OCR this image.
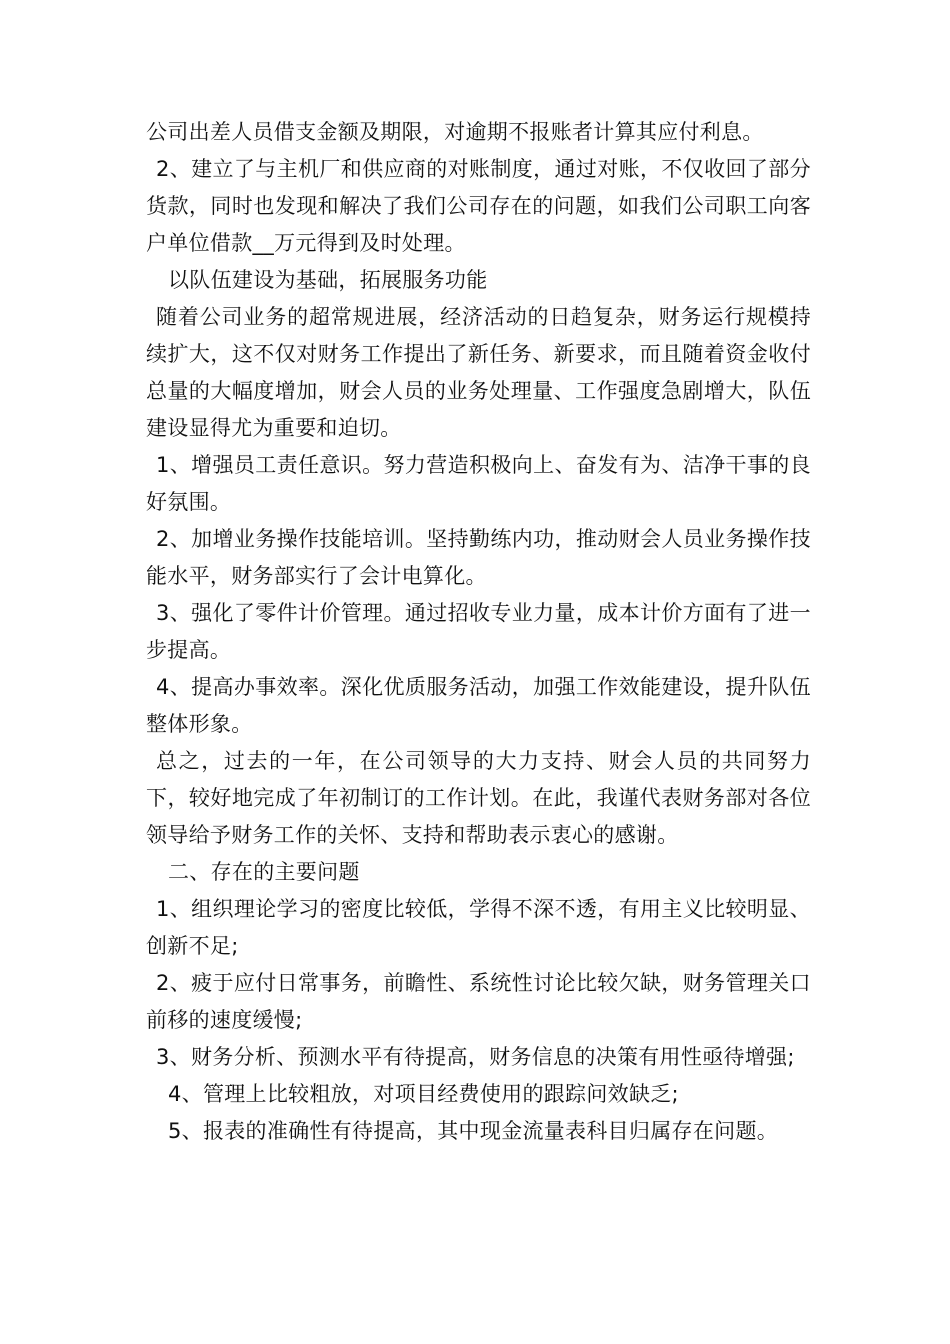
公司出差人员借支金额及期限，对逾期不报账者计算其应付利息。

2、建立了与主机厂和供应商的对账制度，通过对账，不仅收回了部分货款，同时也发现和解决了我们公司存在的问题，如我们公司职工向客户单位借款__万元得到及时处理。

以队伍建设为基础，拓展服务功能

随着公司业务的超常规进展，经济活动的日趋复杂，财务运行规模持续扩大，这不仅对财务工作提出了新任务、新要求，而且随着资金收付总量的大幅度增加，财会人员的业务处理量、工作强度急剧增大，队伍建设显得尤为重要和迫切。

1、增强员工责任意识。努力营造积极向上、奋发有为、洁净干事的良好氛围。

2、加增业务操作技能培训。坚持勤练内功，推动财会人员业务操作技能水平，财务部实行了会计电算化。

3、强化了零件计价管理。通过招收专业力量，成本计价方面有了进一步提高。

4、提高办事效率。深化优质服务活动，加强工作效能建设，提升队伍整体形象。

总之，过去的一年，在公司领导的大力支持、财会人员的共同努力下，较好地完成了年初制订的工作计划。在此，我谨代表财务部对各位领导给予财务工作的关怀、支持和帮助表示衷心的感谢。

二、存在的主要问题

1、组织理论学习的密度比较低，学得不深不透，有用主义比较明显、创新不足;

2、疲于应付日常事务，前瞻性、系统性讨论比较欠缺，财务管理关口前移的速度缓慢;

3、财务分析、预测水平有待提高，财务信息的决策有用性亟待增强;

4、管理上比较粗放，对项目经费使用的跟踪问效缺乏;

5、报表的准确性有待提高，其中现金流量表科目归属存在问题。
